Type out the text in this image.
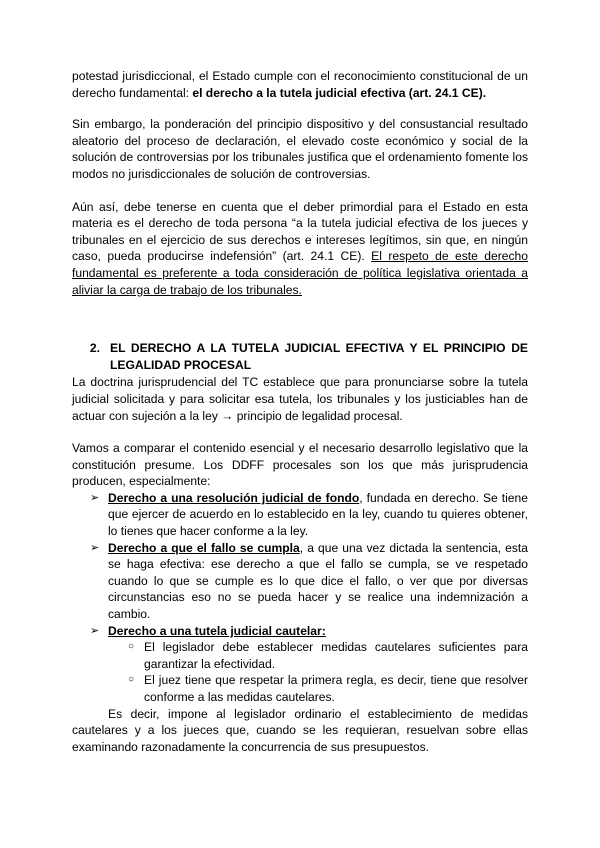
potestad jurisdiccional, el Estado cumple con el reconocimiento constitucional de un derecho fundamental: el derecho a la tutela judicial efectiva (art. 24.1 CE).

Sin embargo, la ponderación del principio dispositivo y del consustancial resultado aleatorio del proceso de declaración, el elevado coste económico y social de la solución de controversias por los tribunales justifica que el ordenamiento fomente los modos no jurisdiccionales de solución de controversias.

Aún así, debe tenerse en cuenta que el deber primordial para el Estado en esta materia es el derecho de toda persona “a la tutela judicial efectiva de los jueces y tribunales en el ejercicio de sus derechos e intereses legítimos, sin que, en ningún caso, pueda producirse indefensión” (art. 24.1 CE). El respeto de este derecho fundamental es preferente a toda consideración de política legislativa orientada a aliviar la carga de trabajo de los tribunales.

2. EL DERECHO A LA TUTELA JUDICIAL EFECTIVA Y EL PRINCIPIO DE LEGALIDAD PROCESAL

La doctrina jurisprudencial del TC establece que para pronunciarse sobre la tutela judicial solicitada y para solicitar esa tutela, los tribunales y los justiciables han de actuar con sujeción a la ley → principio de legalidad procesal.

Vamos a comparar el contenido esencial y el necesario desarrollo legislativo que la constitución presume. Los DDFF procesales son los que más jurisprudencia producen, especialmente:

➢ Derecho a una resolución judicial de fondo, fundada en derecho. Se tiene que ejercer de acuerdo en lo establecido en la ley, cuando tu quieres obtener, lo tienes que hacer conforme a la ley.
➢ Derecho a que el fallo se cumpla, a que una vez dictada la sentencia, esta se haga efectiva: ese derecho a que el fallo se cumpla, se ve respetado cuando lo que se cumple es lo que dice el fallo, o ver que por diversas circunstancias eso no se pueda hacer y se realice una indemnización a cambio.
➢ Derecho a una tutela judicial cautelar:
○ El legislador debe establecer medidas cautelares suficientes para garantizar la efectividad.
○ El juez tiene que respetar la primera regla, es decir, tiene que resolver conforme a las medidas cautelares.

Es decir, impone al legislador ordinario el establecimiento de medidas cautelares y a los jueces que, cuando se les requieran, resuelvan sobre ellas examinando razonadamente la concurrencia de sus presupuestos.
